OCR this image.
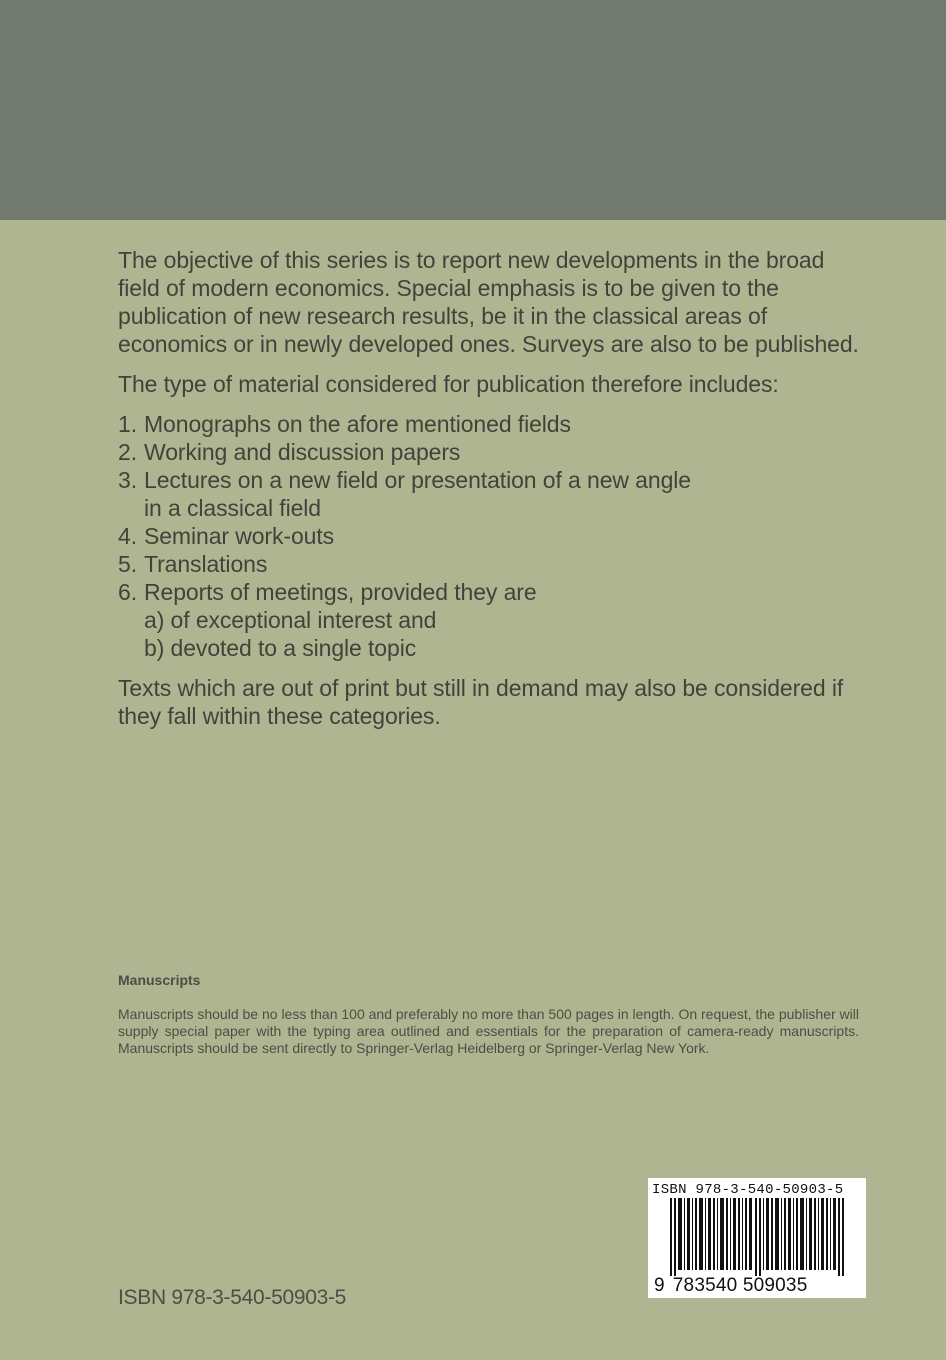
The objective of this series is to report new developments in the broad field of modern economics. Special emphasis is to be given to the publication of new research results, be it in the classical areas of economics or in newly developed ones. Surveys are also to be published.

The type of material considered for publication therefore includes:

1. Monographs on the afore mentioned fields
2. Working and discussion papers
3. Lectures on a new field or presentation of a new angle
in a classical field
4. Seminar work-outs
5. Translations
6. Reports of meetings, provided they are
a) of exceptional interest and
b) devoted to a single topic

Texts which are out of print but still in demand may also be considered if they fall within these categories.

Manuscripts

Manuscripts should be no less than 100 and preferably no more than 500 pages in length. On request, the publisher will supply special paper with the typing area outlined and essentials for the preparation of camera-ready manuscripts. Manuscripts should be sent directly to Springer-Verlag Heidelberg or Springer-Verlag New York.

ISBN 978-3-540-50903-5
ISBN 978-3-540-50903-5
9 783540 509035
